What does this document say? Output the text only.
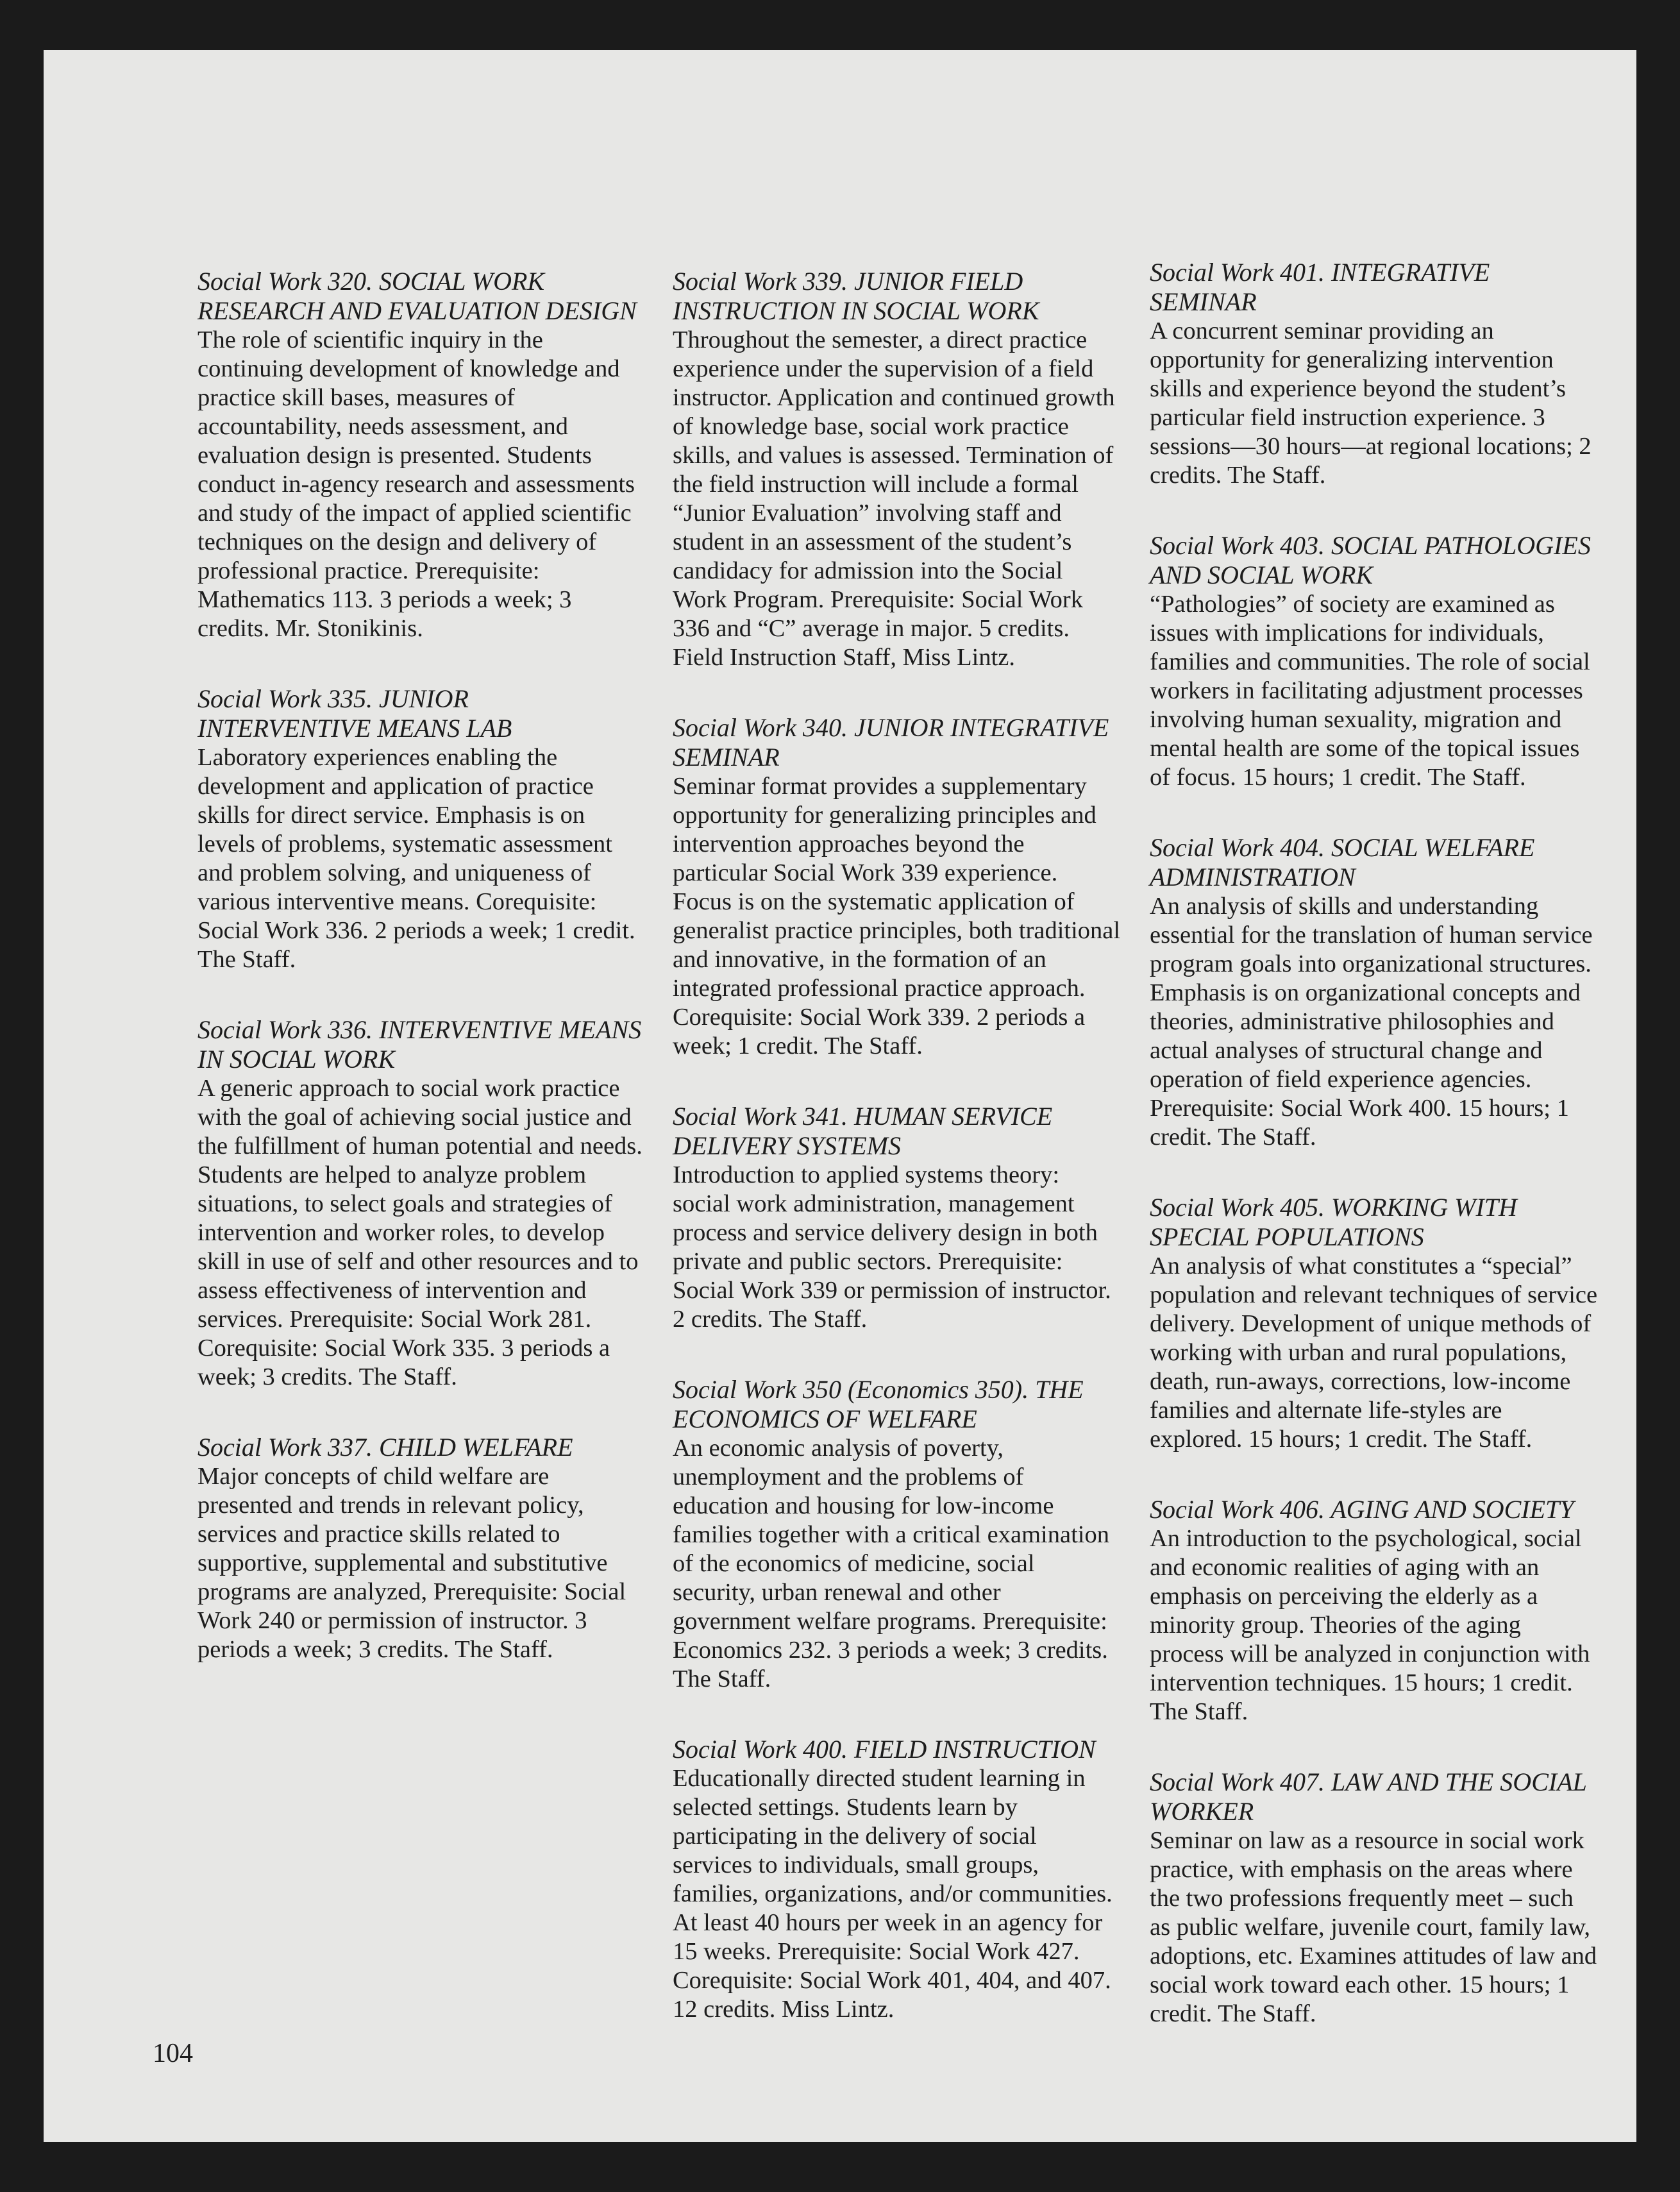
Social Work 320. SOCIAL WORK RESEARCH AND EVALUATION DESIGN

The role of scientific inquiry in the continuing development of knowledge and practice skill bases, measures of accountability, needs assessment, and evaluation design is presented. Students conduct in-agency research and assessments and study of the impact of applied scientific techniques on the design and delivery of professional practice. Prerequisite: Mathematics 113. 3 periods a week; 3 credits. Mr. Stonikinis.

Social Work 335. JUNIOR INTERVENTIVE MEANS LAB

Laboratory experiences enabling the development and application of practice skills for direct service. Emphasis is on levels of problems, systematic assessment and problem solving, and uniqueness of various interventive means. Corequisite: Social Work 336. 2 periods a week; 1 credit. The Staff.

Social Work 336. INTERVENTIVE MEANS IN SOCIAL WORK

A generic approach to social work practice with the goal of achieving social justice and the fulfillment of human potential and needs. Students are helped to analyze problem situations, to select goals and strategies of intervention and worker roles, to develop skill in use of self and other resources and to assess effectiveness of intervention and services. Prerequisite: Social Work 281. Corequisite: Social Work 335. 3 periods a week; 3 credits. The Staff.

Social Work 337. CHILD WELFARE

Major concepts of child welfare are presented and trends in relevant policy, services and practice skills related to supportive, supplemental and substitutive programs are analyzed, Prerequisite: Social Work 240 or permission of instructor. 3 periods a week; 3 credits. The Staff.

Social Work 339. JUNIOR FIELD INSTRUCTION IN SOCIAL WORK

Throughout the semester, a direct practice experience under the supervision of a field instructor. Application and continued growth of knowledge base, social work practice skills, and values is assessed. Termination of the field instruction will include a formal “Junior Evaluation” involving staff and student in an assessment of the student’s candidacy for admission into the Social Work Program. Prerequisite: Social Work 336 and “C” average in major. 5 credits. Field Instruction Staff, Miss Lintz.

Social Work 340. JUNIOR INTEGRATIVE SEMINAR

Seminar format provides a supplementary opportunity for generalizing principles and intervention approaches beyond the particular Social Work 339 experience. Focus is on the systematic application of generalist practice principles, both traditional and innovative, in the formation of an integrated professional practice approach. Corequisite: Social Work 339. 2 periods a week; 1 credit. The Staff.

Social Work 341. HUMAN SERVICE DELIVERY SYSTEMS

Introduction to applied systems theory: social work administration, management process and service delivery design in both private and public sectors. Prerequisite: Social Work 339 or permission of instructor. 2 credits. The Staff.

Social Work 350 (Economics 350). THE ECONOMICS OF WELFARE

An economic analysis of poverty, unemployment and the problems of education and housing for low-income families together with a critical examination of the economics of medicine, social security, urban renewal and other government welfare programs. Prerequisite: Economics 232. 3 periods a week; 3 credits. The Staff.

Social Work 400. FIELD INSTRUCTION

Educationally directed student learning in selected settings. Students learn by participating in the delivery of social services to individuals, small groups, families, organizations, and/or communities. At least 40 hours per week in an agency for 15 weeks. Prerequisite: Social Work 427. Corequisite: Social Work 401, 404, and 407. 12 credits. Miss Lintz.

Social Work 401. INTEGRATIVE SEMINAR

A concurrent seminar providing an opportunity for generalizing intervention skills and experience beyond the student’s particular field instruction experience. 3 sessions—30 hours—at regional locations; 2 credits. The Staff.

Social Work 403. SOCIAL PATHOLOGIES AND SOCIAL WORK

“Pathologies” of society are examined as issues with implications for individuals, families and communities. The role of social workers in facilitating adjustment processes involving human sexuality, migration and mental health are some of the topical issues of focus. 15 hours; 1 credit. The Staff.

Social Work 404. SOCIAL WELFARE ADMINISTRATION

An analysis of skills and understanding essential for the translation of human service program goals into organizational structures. Emphasis is on organizational concepts and theories, administrative philosophies and actual analyses of structural change and operation of field experience agencies. Prerequisite: Social Work 400. 15 hours; 1 credit. The Staff.

Social Work 405. WORKING WITH SPECIAL POPULATIONS

An analysis of what constitutes a “special” population and relevant techniques of service delivery. Development of unique methods of working with urban and rural populations, death, run-aways, corrections, low-income families and alternate life-styles are explored. 15 hours; 1 credit. The Staff.

Social Work 406. AGING AND SOCIETY

An introduction to the psychological, social and economic realities of aging with an emphasis on perceiving the elderly as a minority group. Theories of the aging process will be analyzed in conjunction with intervention techniques. 15 hours; 1 credit. The Staff.

Social Work 407. LAW AND THE SOCIAL WORKER

Seminar on law as a resource in social work practice, with emphasis on the areas where the two professions frequently meet – such as public welfare, juvenile court, family law, adoptions, etc. Examines attitudes of law and social work toward each other. 15 hours; 1 credit. The Staff.

104
